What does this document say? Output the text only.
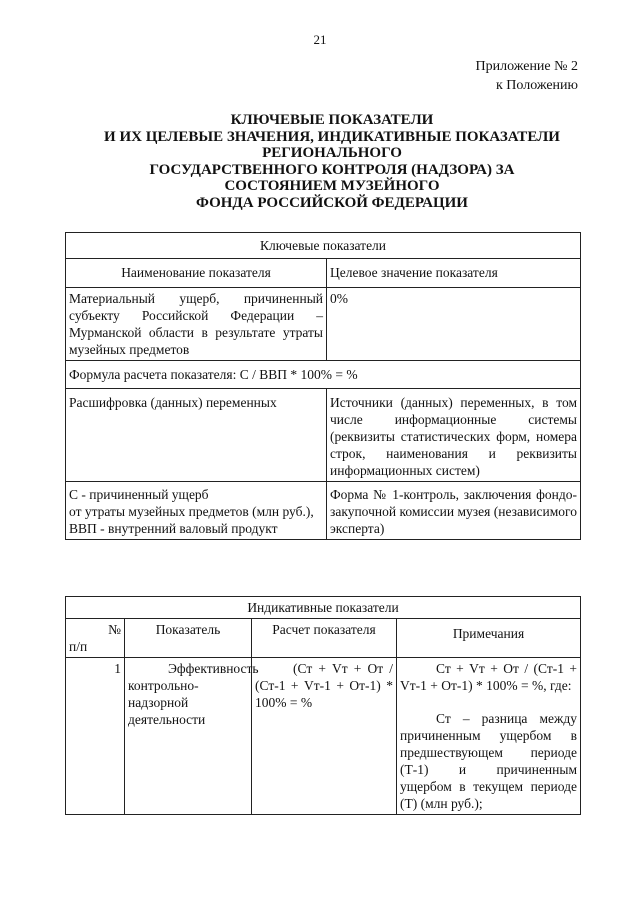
21
Приложение № 2
к Положению
КЛЮЧЕВЫЕ ПОКАЗАТЕЛИ
И ИХ ЦЕЛЕВЫЕ ЗНАЧЕНИЯ, ИНДИКАТИВНЫЕ ПОКАЗАТЕЛИ
РЕГИОНАЛЬНОГО
ГОСУДАРСТВЕННОГО КОНТРОЛЯ (НАДЗОРА) ЗА
СОСТОЯНИЕМ МУЗЕЙНОГО
ФОНДА РОССИЙСКОЙ ФЕДЕРАЦИИ
Ключевые показатели	
Наименование показателя	Целевое значение показателя
Материальный ущерб, причиненный субъекту Российской Федерации – Мурманской области в результате утраты музейных предметов	0%
Формула расчета показателя: С / ВВП * 100% = %	
Расшифровка (данных) переменных	Источники (данных) переменных, в том числе информационные системы (реквизиты статистических форм, номера строк, наименования и реквизиты информационных систем)

С - причиненный ущерб
от утраты музейных предметов (млн руб.),
ВВП - внутренний валовый продукт	Форма № 1-контроль, заключения фондо-закупочной комиссии музея (независимого эксперта)
Индикативные показатели			

№
п/п	Показатель	Расчет показателя	Примечания
1	Эффективность контрольно-надзорной деятельности	(Ст + Vт + Oт / (Ст-1 + Vт-1 + Oт-1) * 100% = %	Ст + Vт + Oт / (Ст-1 + Vт-1 + Oт-1) * 100% = %, где:
Ст – разница между причиненным ущербом в предшествующем периоде (Т-1) и причиненным ущербом в текущем периоде (Т) (млн руб.);
